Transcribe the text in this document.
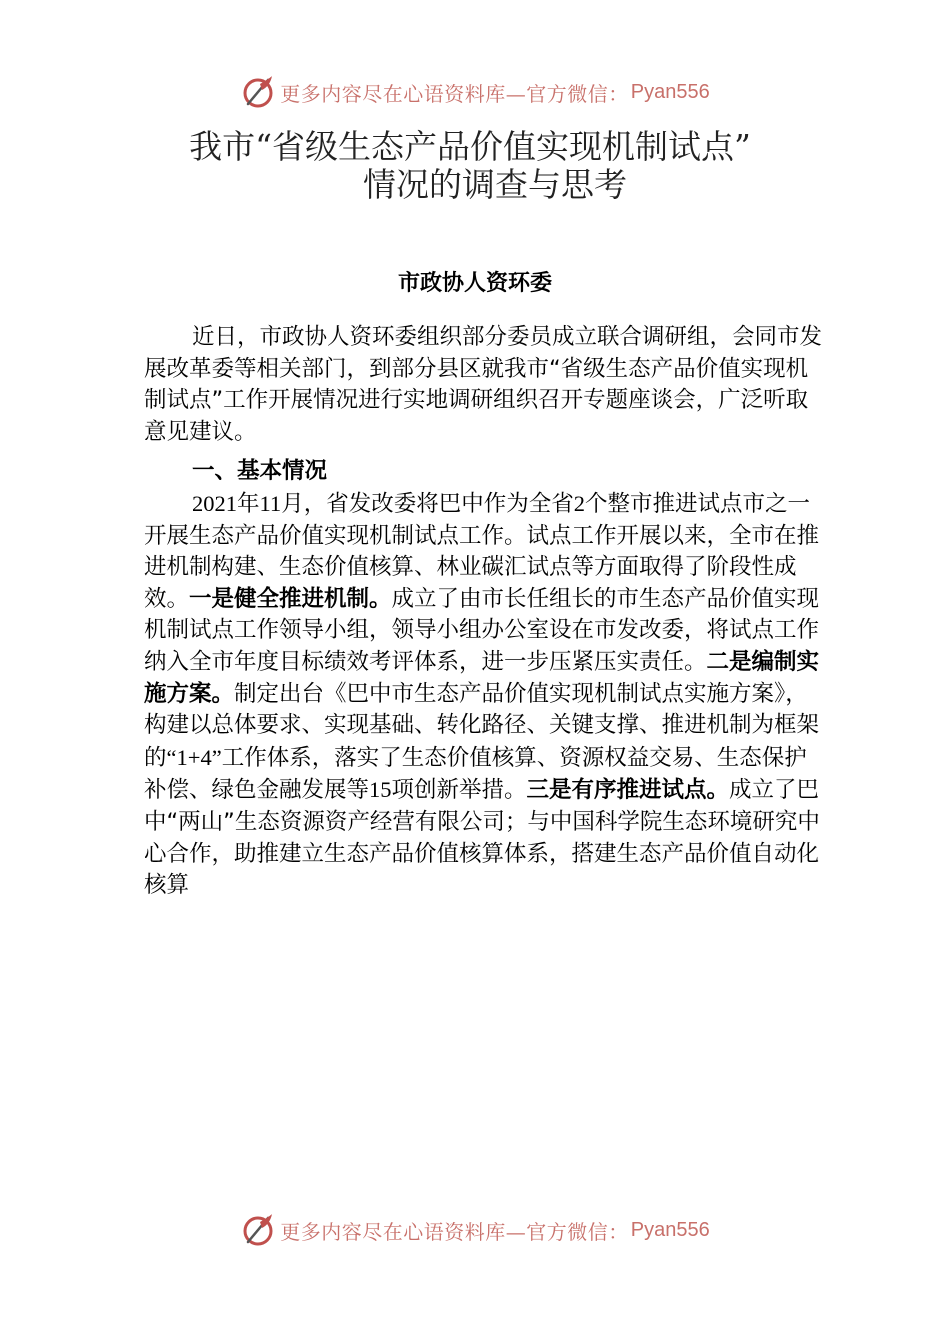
更多内容尽在心语资料库—官方微信： Pyan556
我市“省级生态产品价值实现机制试点”
情况的调查与思考
市政协人资环委

近日，市政协人资环委组织部分委员成立联合调研组，会同市发展改革委等相关部门，到部分县区就我市“省级生态产品价值实现机制试点”工作开展情况进行实地调研组织召开专题座谈会，广泛听取意见建议。

一、基本情况

2021年11月，省发改委将巴中作为全省2个整市推进试点市之一开展生态产品价值实现机制试点工作。试点工作开展以来，全市在推进机制构建、生态价值核算、林业碳汇试点等方面取得了阶段性成效。一是健全推进机制。成立了由市长任组长的市生态产品价值实现机制试点工作领导小组，领导小组办公室设在市发改委，将试点工作纳入全市年度目标绩效考评体系，进一步压紧压实责任。二是编制实施方案。制定出台《巴中市生态产品价值实现机制试点实施方案》，构建以总体要求、实现基础、转化路径、关键支撑、推进机制为框架的“1+4”工作体系，落实了生态价值核算、资源权益交易、生态保护补偿、绿色金融发展等15项创新举措。三是有序推进试点。成立了巴中“两山”生态资源资产经营有限公司；与中国科学院生态环境研究中心合作，助推建立生态产品价值核算体系，搭建生态产品价值自动化核算

更多内容尽在心语资料库—官方微信： Pyan556
